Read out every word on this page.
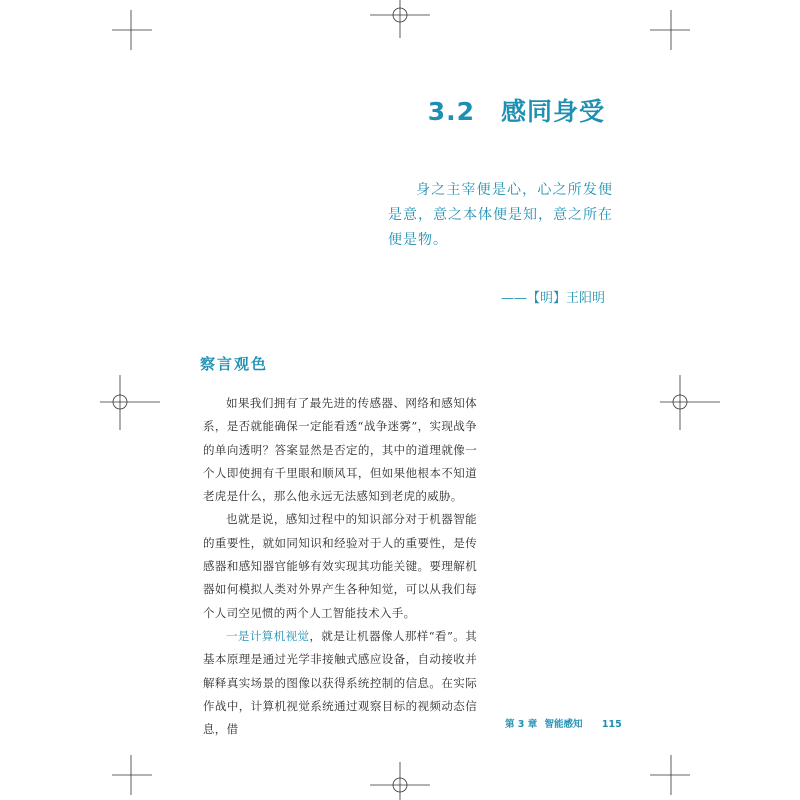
3.2 感同身受

身之主宰便是心，心之所发便是意，意之本体便是知，意之所在便是物。

——【明】王阳明
察言观色

如果我们拥有了最先进的传感器、网络和感知体系，是否就能确保一定能看透“战争迷雾”，实现战争的单向透明？答案显然是否定的，其中的道理就像一个人即使拥有千里眼和顺风耳，但如果他根本不知道老虎是什么，那么他永远无法感知到老虎的威胁。

也就是说，感知过程中的知识部分对于机器智能的重要性，就如同知识和经验对于人的重要性，是传感器和感知器官能够有效实现其功能关键。要理解机器如何模拟人类对外界产生各种知觉，可以从我们每个人司空见惯的两个人工智能技术入手。

一是计算机视觉，就是让机器像人那样“看”。其基本原理是通过光学非接触式感应设备，自动接收并解释真实场景的图像以获得系统控制的信息。在实际作战中，计算机视觉系统通过观察目标的视频动态信息，借	第 3 章 智能感知 115
